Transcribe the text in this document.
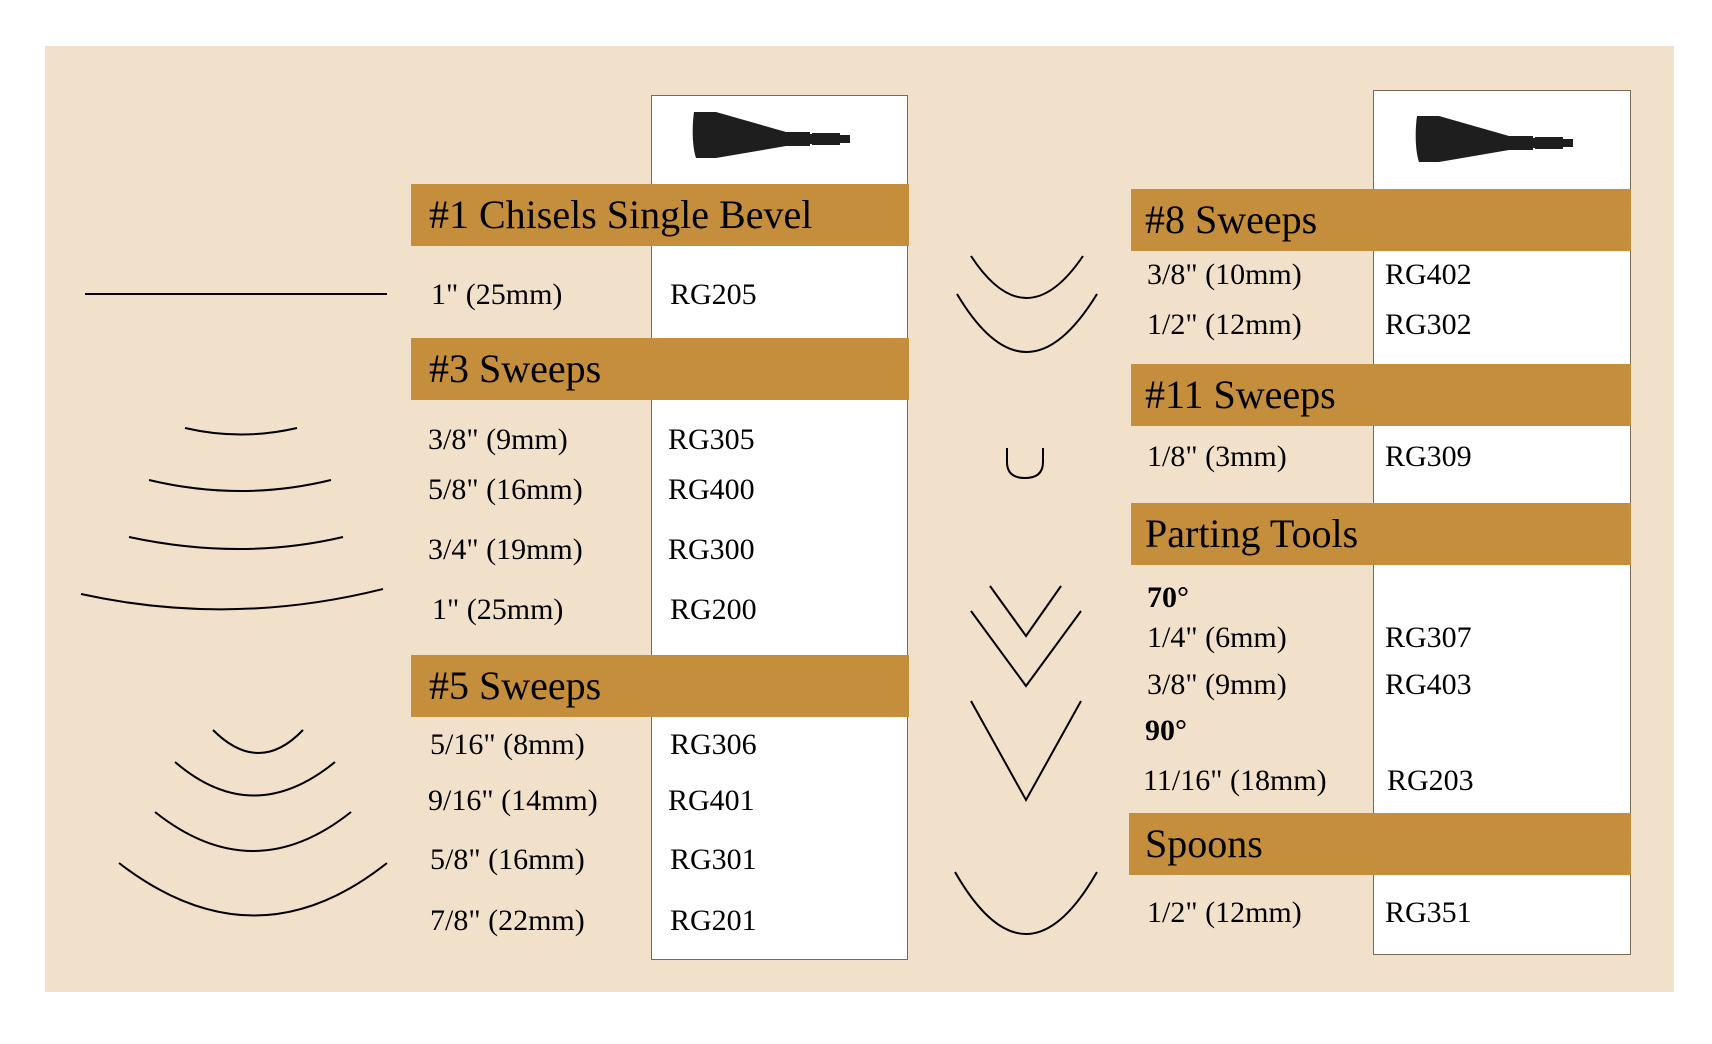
#1 Chisels Single Bevel
#3 Sweeps
#5 Sweeps
1" (25mm)	RG205
3/8" (9mm)	RG305
5/8" (16mm)	RG400
3/4" (19mm)	RG300
1" (25mm)	RG200
5/16" (8mm)	RG306
9/16" (14mm) RG401
5/8" (16mm)	RG301
7/8" (22mm)	RG201
#8 Sweeps
#11 Sweeps
Parting Tools
Spoons
3/8" (10mm)	RG402
1/2" (12mm)	RG302
1/8" (3mm)	RG309
70°
1/4" (6mm)	RG307
3/8" (9mm)	RG403
90°
11/16" (18mm) RG203
1/2" (12mm)	RG351
